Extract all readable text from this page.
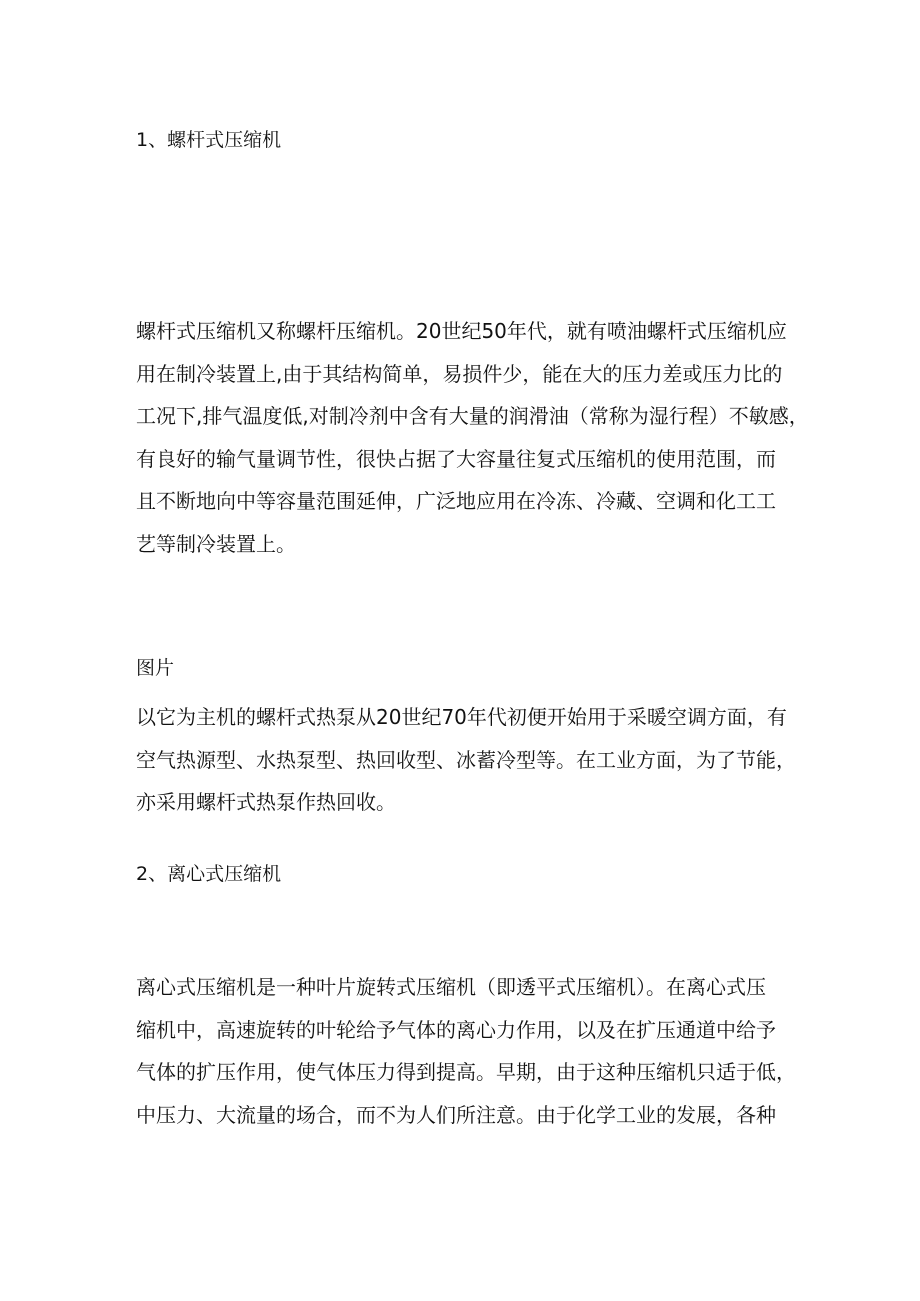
1、螺杆式压缩机
螺杆式压缩机又称螺杆压缩机。20世纪50年代，就有喷油螺杆式压缩机应
用在制冷装置上,由于其结构简单，易损件少，能在大的压力差或压力比的
工况下,排气温度低,对制冷剂中含有大量的润滑油（常称为湿行程）不敏感，
有良好的输气量调节性，很快占据了大容量往复式压缩机的使用范围，而
且不断地向中等容量范围延伸，广泛地应用在冷冻、冷藏、空调和化工工
艺等制冷装置上。
图片
以它为主机的螺杆式热泵从20世纪70年代初便开始用于采暖空调方面，有
空气热源型、水热泵型、热回收型、冰蓄冷型等。在工业方面，为了节能，
亦采用螺杆式热泵作热回收。
2、离心式压缩机
离心式压缩机是一种叶片旋转式压缩机（即透平式压缩机）。在离心式压
缩机中，高速旋转的叶轮给予气体的离心力作用，以及在扩压通道中给予
气体的扩压作用，使气体压力得到提高。早期，由于这种压缩机只适于低，
中压力、大流量的场合，而不为人们所注意。由于化学工业的发展，各种
